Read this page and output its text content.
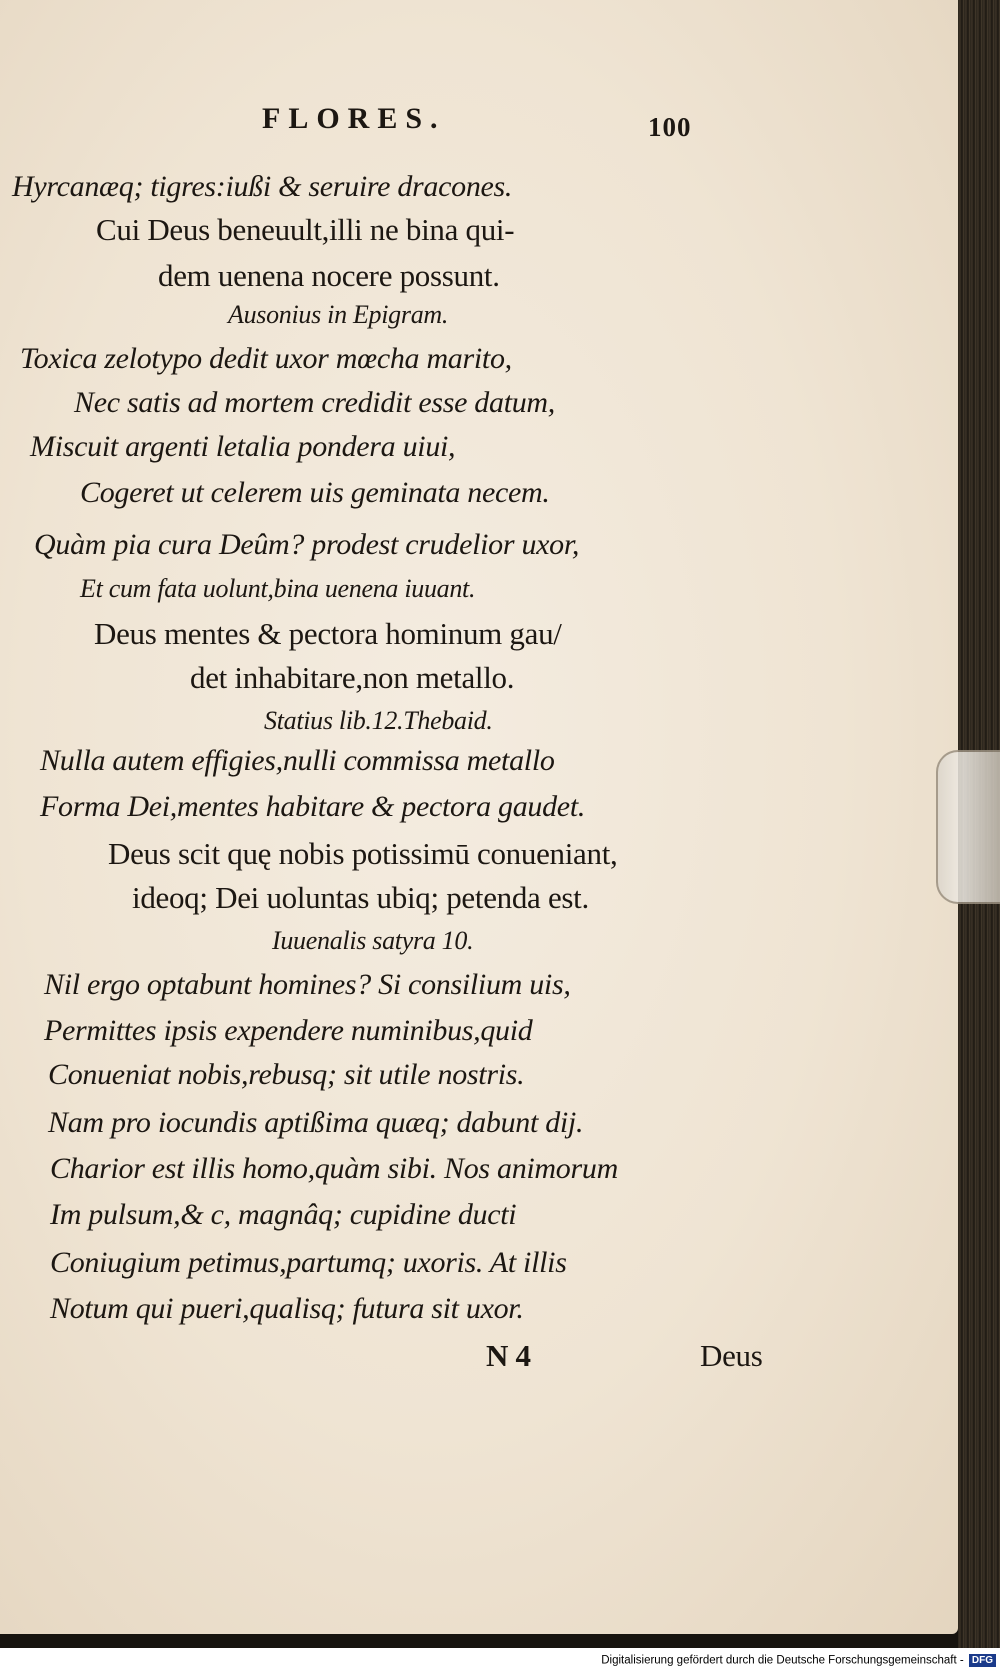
FLORES.	100
Hyrcanæq; tigres:iußi & seruire dracones.
Cui Deus beneuult,illi ne bina qui-
dem uenena nocere possunt.
Ausonius in Epigram.
Toxica zelotypo dedit uxor mœcha marito,
Nec satis ad mortem credidit esse datum,
Miscuit argenti letalia pondera uiui,
Cogeret ut celerem uis geminata necem.
Quàm pia cura Deûm? prodest crudelior uxor,
Et cum fata uolunt,bina uenena iuuant.
Deus mentes & pectora hominum gau/
det inhabitare,non metallo.
Statius lib.12.Thebaid.
Nulla autem effigies,nulli commissa metallo
Forma Dei,mentes habitare & pectora gaudet.
Deus scit quę nobis potissimū conueniant,
ideoq; Dei uoluntas ubiq; petenda est.
Iuuenalis satyra 10.
Nil ergo optabunt homines? Si consilium uis,
Permittes ipsis expendere numinibus,quid
Conueniat nobis,rebusq; sit utile nostris.
Nam pro iocundis aptißima quæq; dabunt dij.
Charior est illis homo,quàm sibi. Nos animorum
Im pulsum,& c, magnâq; cupidine ducti
Coniugium petimus,partumq; uxoris. At illis
Notum qui pueri,qualisq; futura sit uxor.
N 4	Deus
Digitalisierung gefördert durch die Deutsche Forschungsgemeinschaft - DFG
